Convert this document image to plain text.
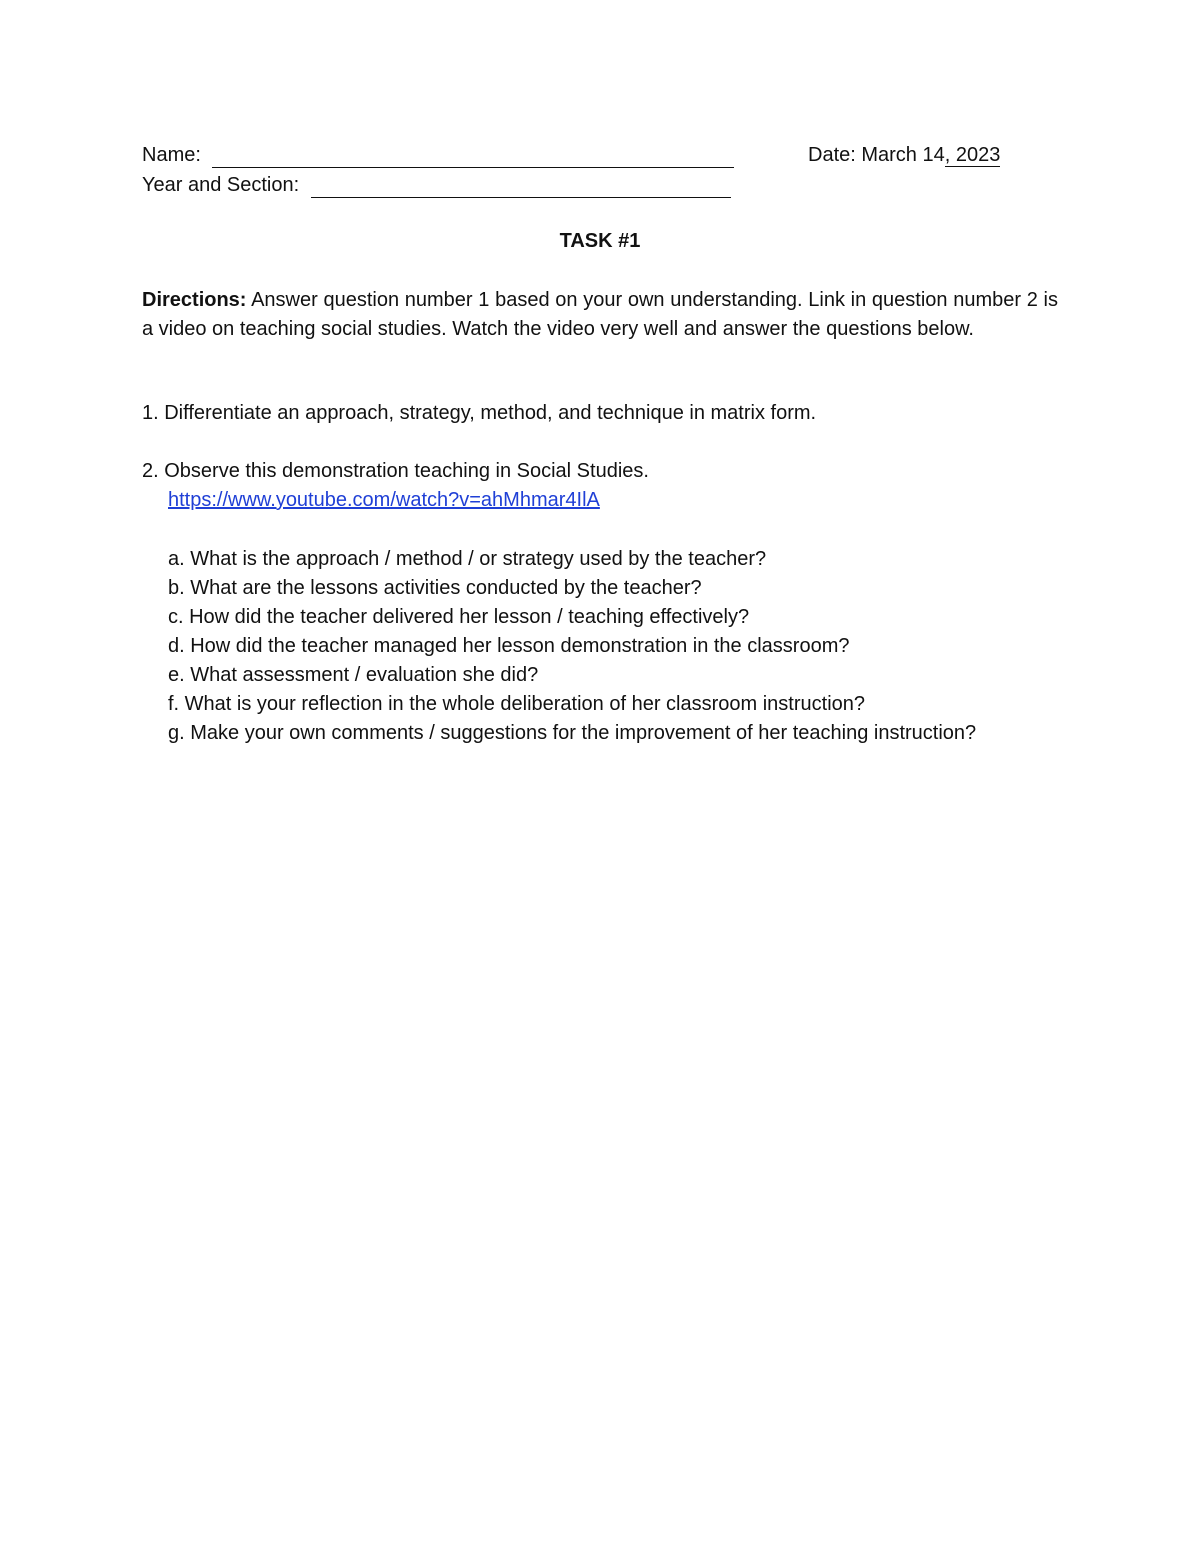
Name:	Date: March 14, 2023
Year and Section:
TASK #1
Directions: Answer question number 1 based on your own understanding. Link in question number 2 is a video on teaching social studies. Watch the video very well and answer the questions below.
1. Differentiate an approach, strategy, method, and technique in matrix form.
2. Observe this demonstration teaching in Social Studies.
https://www.youtube.com/watch?v=ahMhmar4IlA
a. What is the approach / method / or strategy used by the teacher?
b. What are the lessons activities conducted by the teacher?
c. How did the teacher delivered her lesson / teaching effectively?
d. How did the teacher managed her lesson demonstration in the classroom?
e. What assessment / evaluation she did?
f. What is your reflection in the whole deliberation of her classroom instruction?
g. Make your own comments / suggestions for the improvement of her teaching instruction?
